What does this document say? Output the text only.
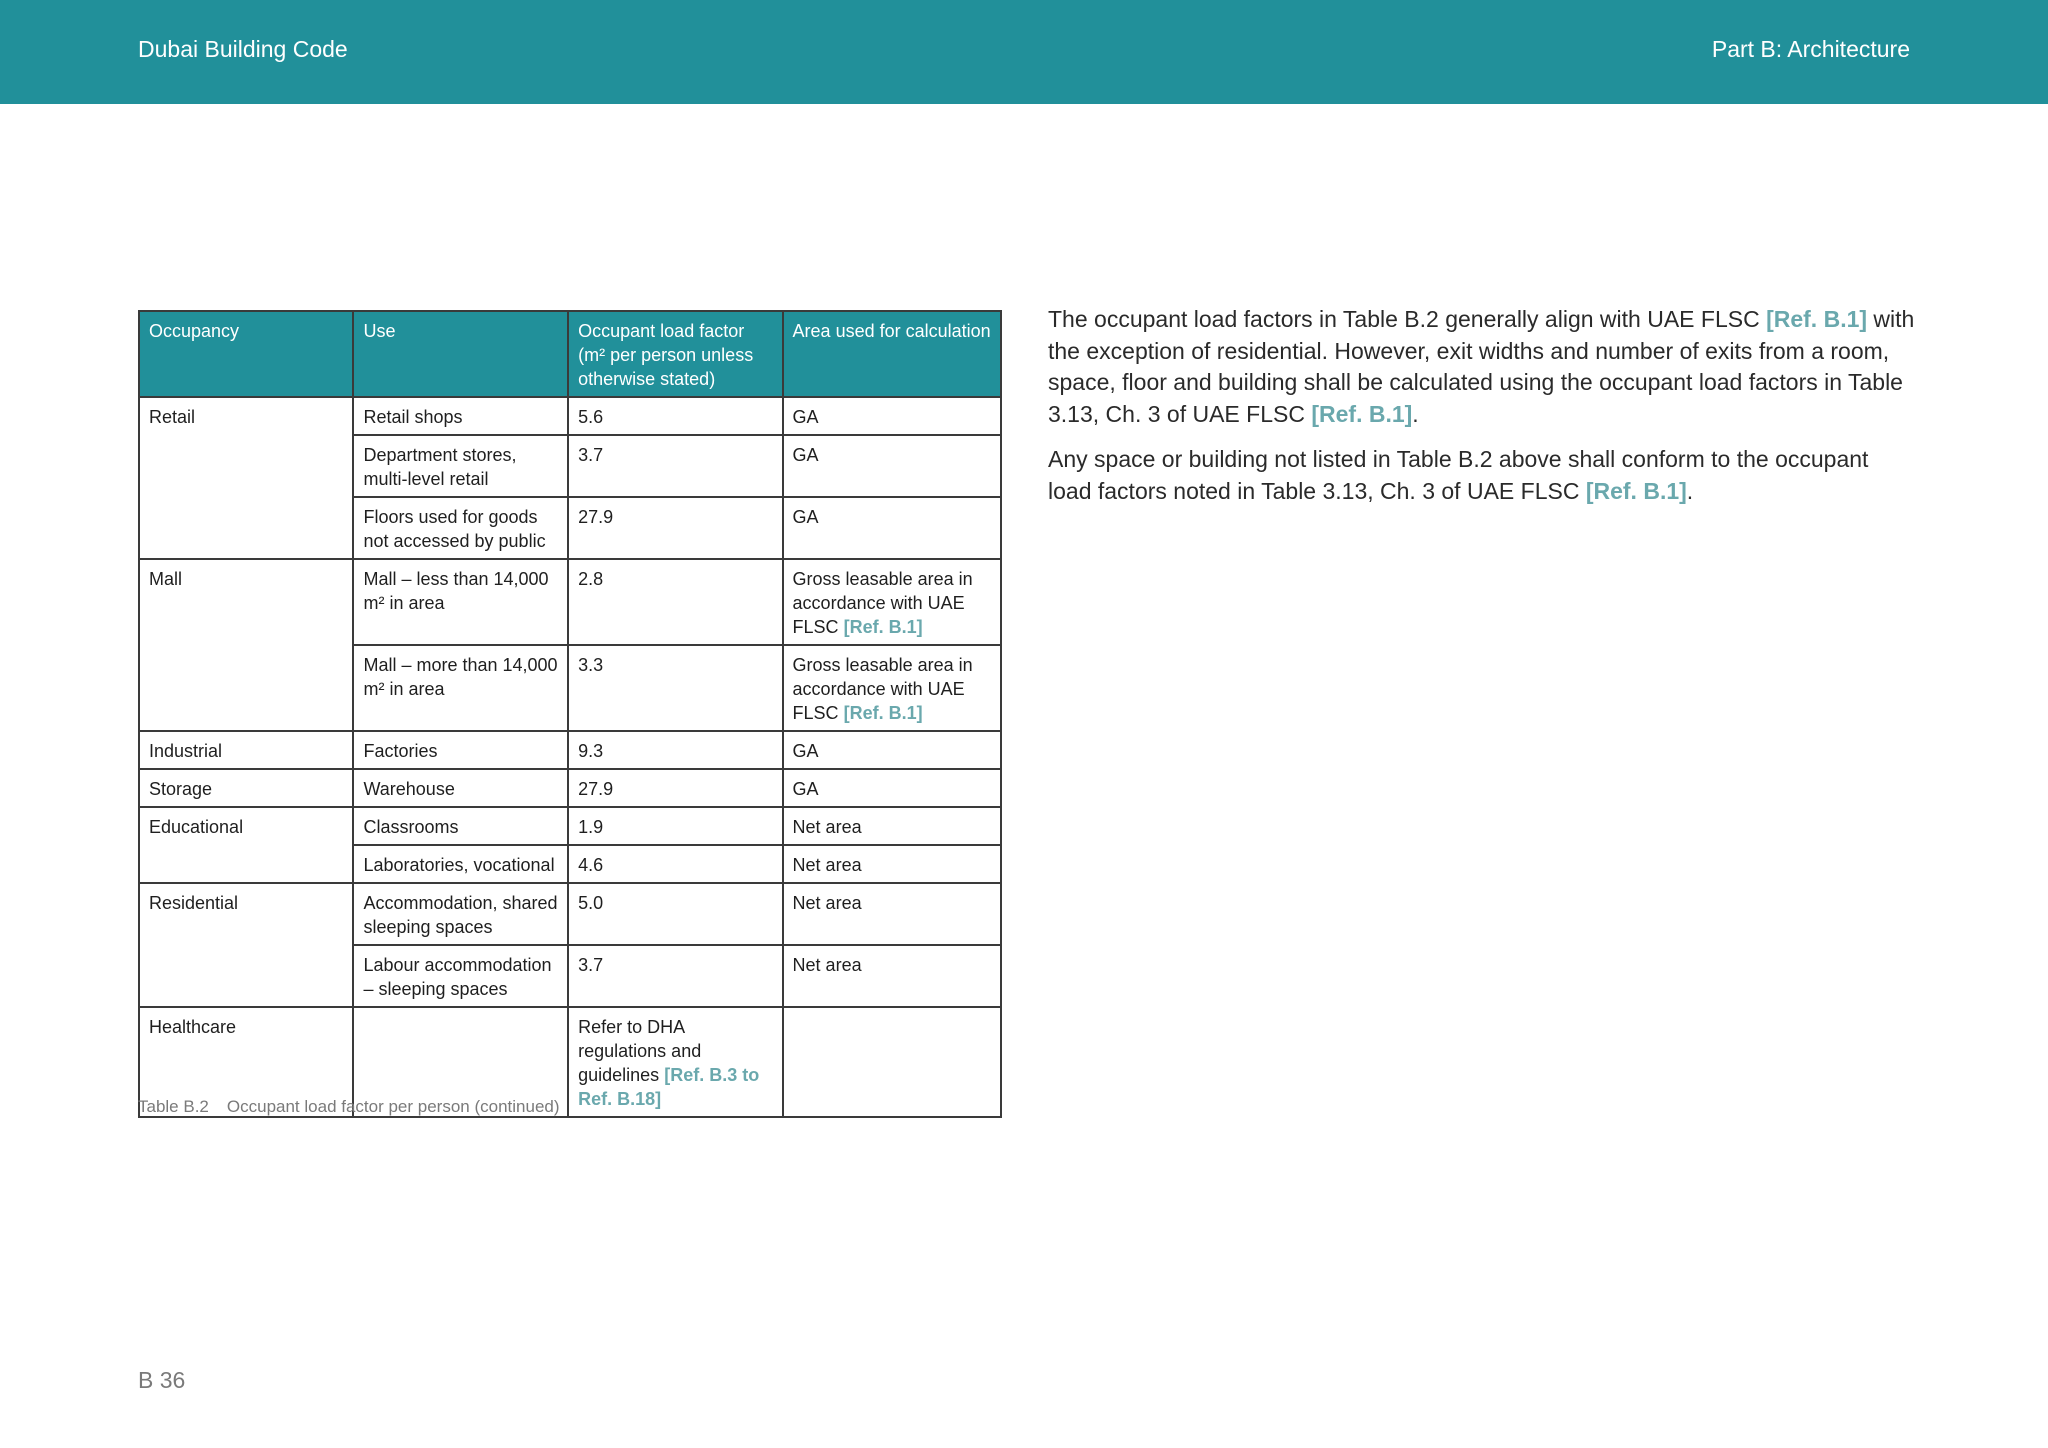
Dubai Building Code	Part B: Architecture
Occupancy	Use	Occupant load factor (m² per person unless otherwise stated)	Area used for calculation
Retail	Retail shops	5.6	GA
	Department stores, multi-level retail	3.7	GA
	Floors used for goods not accessed by public	27.9	GA
Mall	Mall – less than 14,000 m² in area	2.8	Gross leasable area in accordance with UAE FLSC [Ref. B.1]
	Mall – more than 14,000 m² in area	3.3	Gross leasable area in accordance with UAE FLSC [Ref. B.1]
Industrial	Factories	9.3	GA
Storage	Warehouse	27.9	GA
Educational	Classrooms	1.9	Net area
	Laboratories, vocational	4.6	Net area
Residential	Accommodation, shared sleeping spaces	5.0	Net area
	Labour accommodation – sleeping spaces	3.7	Net area
Healthcare		Refer to DHA regulations and guidelines [Ref. B.3 to Ref. B.18]	
Table B.2 Occupant load factor per person (continued)

The occupant load factors in Table B.2 generally align with UAE FLSC [Ref. B.1] with the exception of residential. However, exit widths and number of exits from a room, space, floor and building shall be calculated using the occupant load factors in Table 3.13, Ch. 3 of UAE FLSC [Ref. B.1].

Any space or building not listed in Table B.2 above shall conform to the occupant load factors noted in Table 3.13, Ch. 3 of UAE FLSC [Ref. B.1].

B 36
